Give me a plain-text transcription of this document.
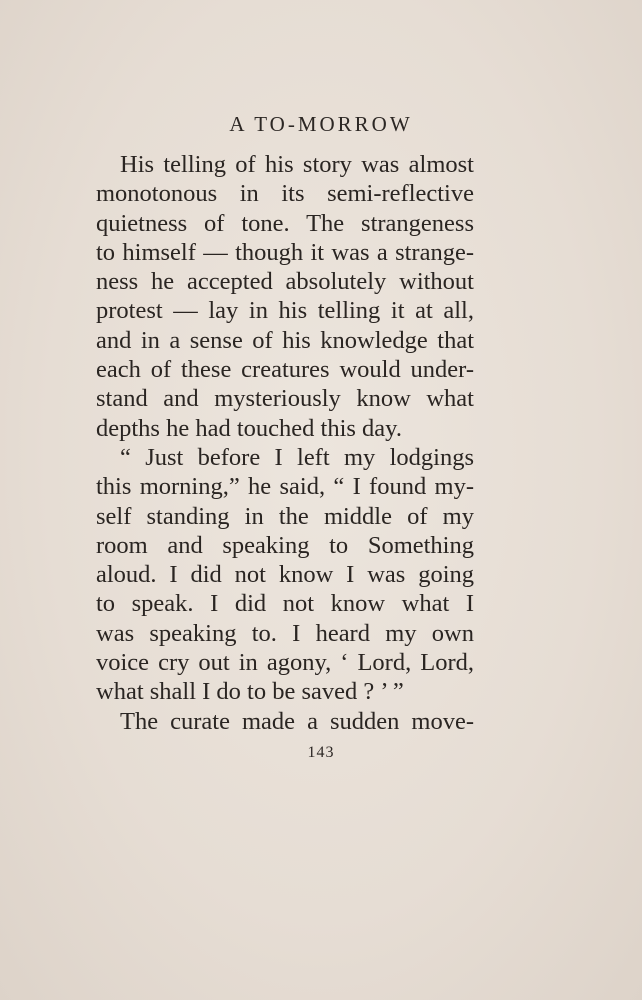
A TO-MORROW
His telling of his story was almost
monotonous in its semi-reflective
quietness of tone. The strangeness
to himself — though it was a strange-
ness he accepted absolutely without
protest — lay in his telling it at all,
and in a sense of his knowledge that
each of these creatures would under-
stand and mysteriously know what
depths he had touched this day.
“ Just before I left my lodgings
this morning,” he said, “ I found my-
self standing in the middle of my
room and speaking to Something
aloud. I did not know I was going
to speak. I did not know what I
was speaking to. I heard my own
voice cry out in agony, ‘ Lord, Lord,
what shall I do to be saved ? ’ ”
The curate made a sudden move-
143
